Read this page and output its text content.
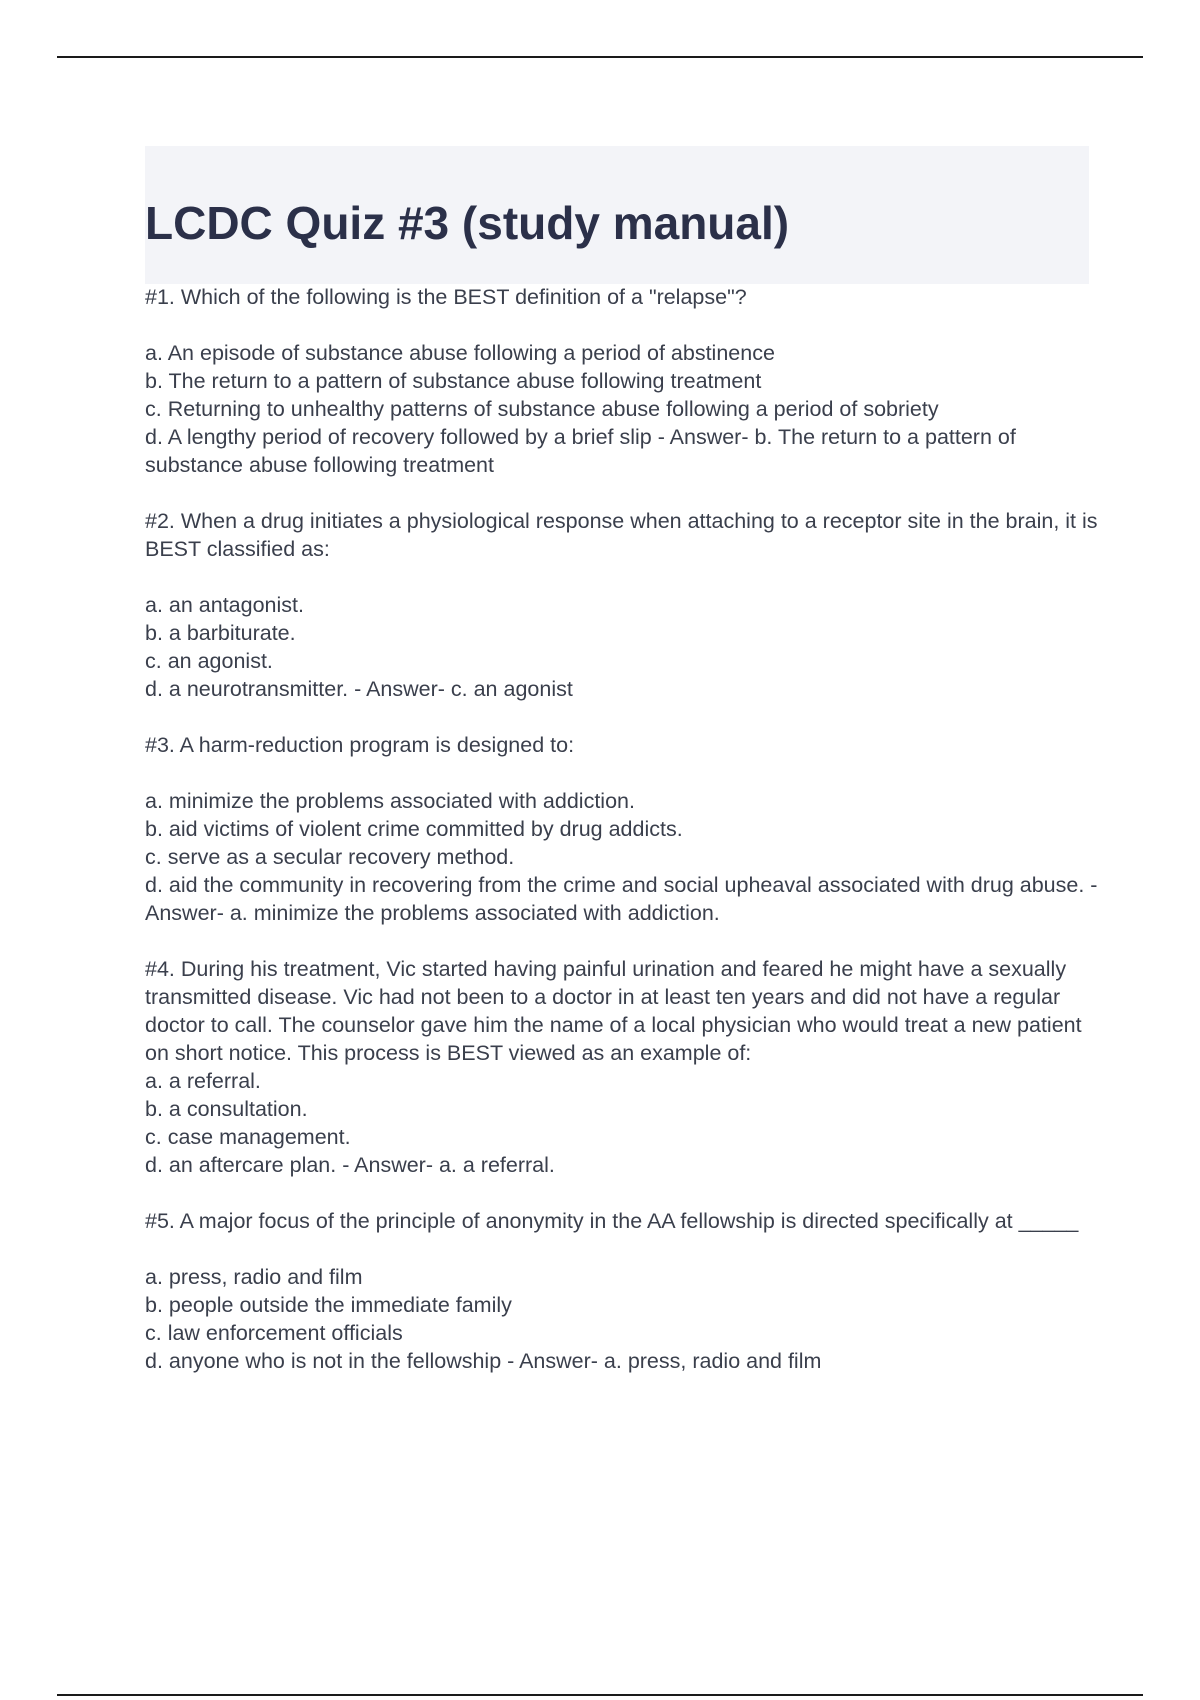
LCDC Quiz #3 (study manual)
#1. Which of the following is the BEST definition of a "relapse"?
a. An episode of substance abuse following a period of abstinence
b. The return to a pattern of substance abuse following treatment
c. Returning to unhealthy patterns of substance abuse following a period of sobriety
d. A lengthy period of recovery followed by a brief slip - Answer- b. The return to a pattern of substance abuse following treatment
#2. When a drug initiates a physiological response when attaching to a receptor site in the brain, it is BEST classified as:
a. an antagonist.
b. a barbiturate.
c. an agonist.
d. a neurotransmitter. - Answer- c. an agonist
#3. A harm-reduction program is designed to:
a. minimize the problems associated with addiction.
b. aid victims of violent crime committed by drug addicts.
c. serve as a secular recovery method.
d. aid the community in recovering from the crime and social upheaval associated with drug abuse. - Answer- a. minimize the problems associated with addiction.
#4. During his treatment, Vic started having painful urination and feared he might have a sexually transmitted disease. Vic had not been to a doctor in at least ten years and did not have a regular doctor to call. The counselor gave him the name of a local physician who would treat a new patient on short notice. This process is BEST viewed as an example of:
a. a referral.
b. a consultation.
c. case management.
d. an aftercare plan. - Answer- a. a referral.
#5. A major focus of the principle of anonymity in the AA fellowship is directed specifically at _____
a. press, radio and film
b. people outside the immediate family
c. law enforcement officials
d. anyone who is not in the fellowship - Answer- a. press, radio and film
